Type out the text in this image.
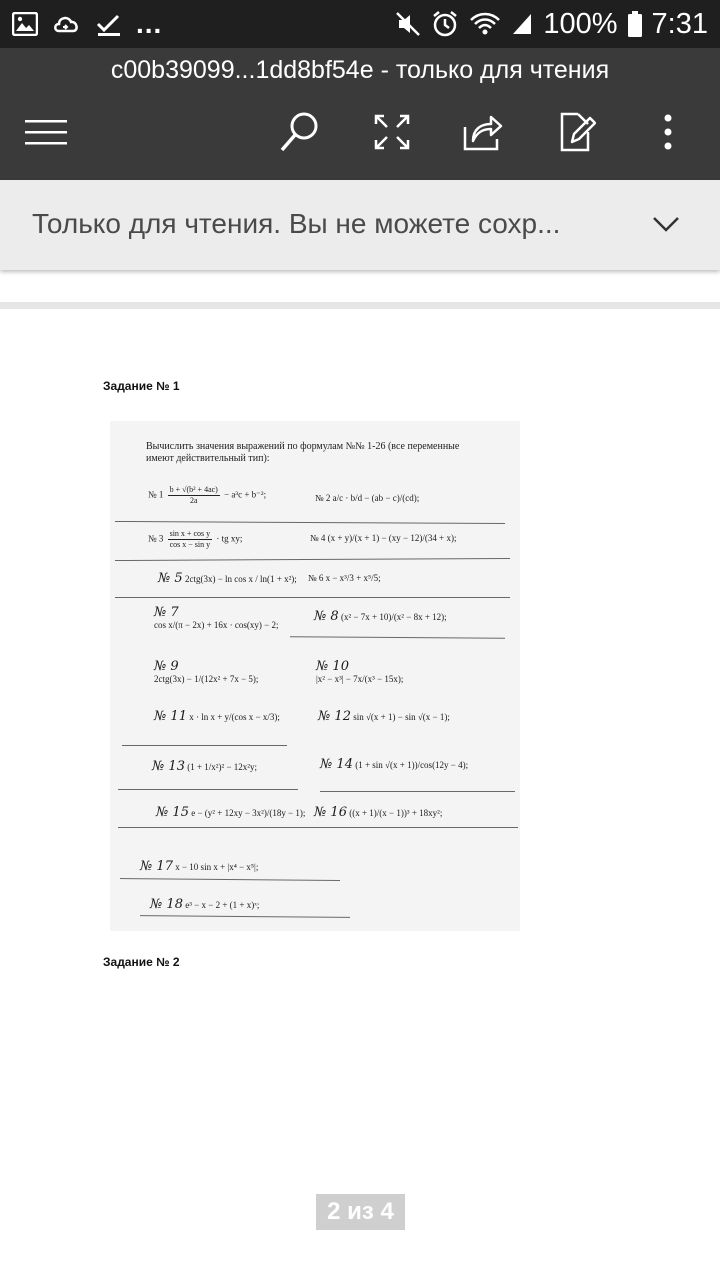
...	100% 7:31
c00b39099...1dd8bf54e - только для чтения
Только для чтения. Вы не можете сохр...
Задание № 1
Вычислить значения выражений по формулам №№ 1-26 (все переменные имеют действительный тип):
№ $1 \frac{\text{b + √(b² + 4ac)}}{2a} - a^3c + b^{-2}$;	№ 2 a/c · b/d − (ab − c)/(cd);
№ $3 \frac{\text{sin x + cos y}}{\text{cos x − sin y}}$ · tg xy;	№ 4 (x + y)/(x + 1) − (xy − 12)/(34 + x);
№ 5 2ctg(3x) − ln cos x / ln(1 + x²); № 6 x − x³/3 + x⁵/5;
№ 7
cos x/(π − 2x) + 16x · cos(xy) − 2;
№ 8 (x² − 7x + 10)/(x² − 8x + 12);
№ 9
2ctg(3x) − 1/(12x² + 7x − 5);
№ 10
|x² − x³| − 7x/(x³ − 15x);
№ 11 x · ln x + y/(cos x − x/3);	№ 12 sin √(x + 1) − sin √(x − 1);
№ 13 (1 + 1/x²)² − 12x²y;	№ 14 (1 + sin √(x + 1))/cos(12y − 4);
№ 15 e − (y² + 12xy − 3x²)/(18y − 1); № 16 ((x + 1)/(x − 1))³ + 18xy²;
№ 17 x − 10 sin x + |x⁴ − x⁵|;
№ 18 e³ − x − 2 + (1 + x)ˣ;
Задание № 2
2 из 4
